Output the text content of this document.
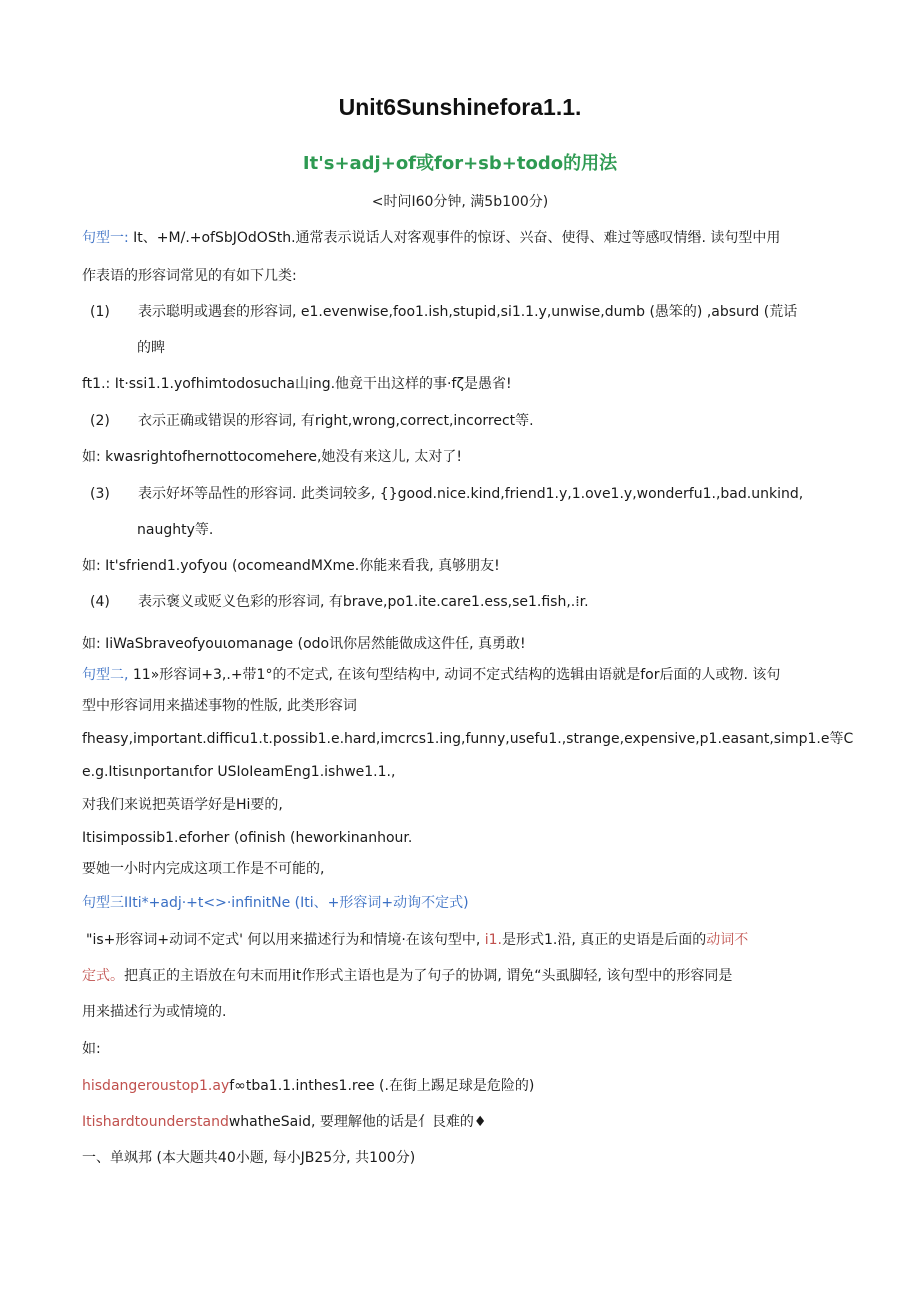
Unit6Sunshinefora1.1.
It's+adj+of或for+sb+todo的用法
<时问I60分钟, 满5b100分)
句型一: It、+M/.+ofSbJOdOSth.通常表示说话人对客观事件的惊讶、兴奋、使得、难过等感叹情缗. 读句型中用
作表语的形容词常见的有如下几类:
(1) 表示聪明或遇套的形容词, e1.evenwise,foo1.ish,stupid,si1.1.y,unwise,dumb (愚笨的) ,absurd (荒话
的睥
ft1.: It·ssi1.1.yofhimtodosucha山ing.他竟干出这样的事·fζ是愚省!
(2) 衣示正确或错误的形容词, 有right,wrong,correct,incorrect等.
如: kwasrightofhernottocomehere,她没有来这儿, 太对了!
(3) 表示好坏等品性的形容词. 此类词较多, {}good.nice.kind,friend1.y,1.ove1.y,wonderfu1.,bad.unkind,
naughty等.
如: It'sfriend1.yofyou (ocomeandMXme.你能来看我, 真够朋友!
(4) 表示褒义或贬义色彩的形容词, 有brave,po1.ite.care1.ess,se1.fish,.⁞r.
如: IiWaSbraveofyouιomanage (odo讯你居然能做成这件任, 真勇敢!
句型二, 11»形容词+3,.+带1°的不定式, 在该句型结构中, 动词不定式结构的选辑由语就是for后面的人或物. 该句
型中形容词用来描述事物的性版, 此类形容词
fheasy,important.difficu1.t.possib1.e.hard,imcrcs1.ing,funny,usefu1.,strange,expensive,p1.easant,simp1.e等C
e.g.Itisιnportanιfor USIoIeamEng1.ishwe1.1.,
对我们来说把英语学好是Hi要的,
Itisimpossib1.eforher (ofinish (heworkinanhour.
要她一小时内完成这项工作是不可能的,
句型三IIti*+adj·+t<>·infinitNe (Iti、+形容词+动询不定式)
"is+形容词+动词不定式' 何以用来描述行为和情境·在该句型中, i1.是形式1.沿, 真正的史语是后面的动词不
定式。把真正的主语放在句末而用it作形式主语也是为了句子的协调, 谓免“头虱脚轻, 该句型中的形容同是
用来描述行为或情境的.
如:
hisdangeroustop1.ayf∞tba1.1.inthes1.ree (.在街上踢足球是危险的)
ItishardtounderstandwhatheSaid, 要理解他的话是亻艮难的♦
一、单飒邦 (本大题共40小题, 每小JB25分, 共100分)
